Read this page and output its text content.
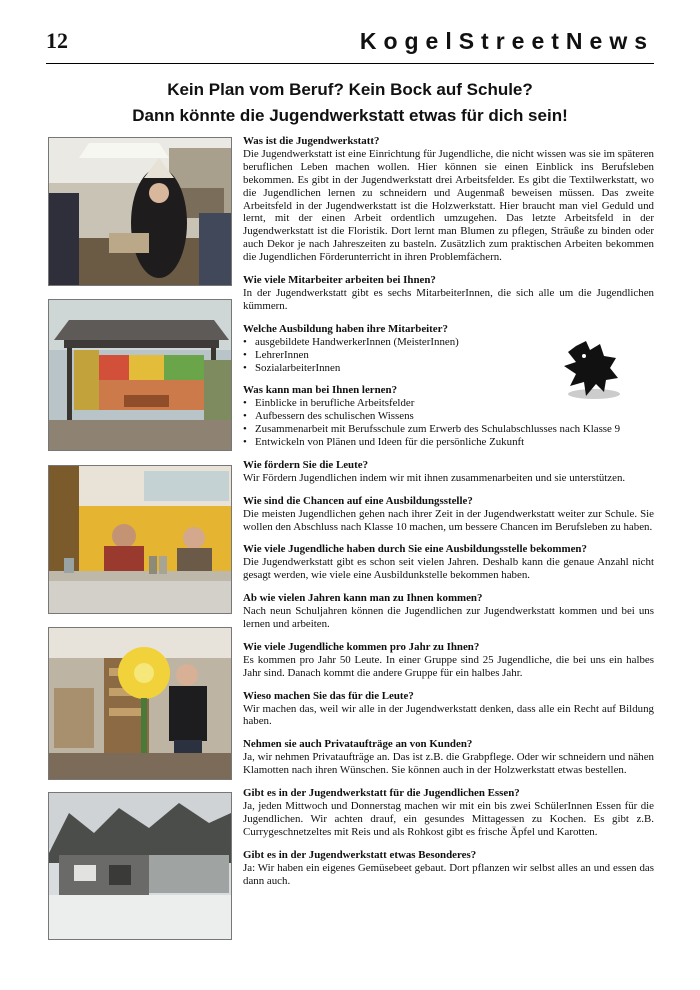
12	KogelStreetNews
Kein Plan vom Beruf? Kein Bock auf Schule?
Dann könnte die Jugendwerkstatt etwas für dich sein!

Was ist die Jugendwerkstatt?

Die Jugendwerkstatt ist eine Einrichtung für Jugendliche, die nicht wissen was sie im späteren beruflichen Leben machen wollen. Hier können sie einen Einblick ins Berufsleben bekommen. Es gibt in der Jugendwerkstatt drei Arbeitsfelder. Es gibt die Textilwerkstatt, wo die Jugendlichen lernen zu schneidern und Augenmaß beweisen müssen. Das zweite Arbeitsfeld in der Jugendwerkstatt ist die Holzwerkstatt. Hier braucht man viel Geduld und lernt, mit der einen Arbeit ordentlich umzugehen. Das letzte Arbeitsfeld in der Jugendwerkstatt ist die Floristik. Dort lernt man Blumen zu pflegen, Sträuße zu binden oder auch Dekor je nach Jahreszeiten zu basteln. Zusätzlich zum praktischen Arbeiten bekommen die Jugendlichen Förderunterricht in ihren Problemfächern.

Wie viele Mitarbeiter arbeiten bei Ihnen?

In der Jugendwerkstatt gibt es sechs MitarbeiterInnen, die sich alle um die Jugendlichen kümmern.

Welche Ausbildung haben ihre Mitarbeiter?

• ausgebildete HandwerkerInnen (MeisterInnen)
• LehrerInnen
• SozialarbeiterInnen

Was kann man bei Ihnen lernen?

• Einblicke in berufliche Arbeitsfelder
• Aufbessern des schulischen Wissens
• Zusammenarbeit mit Berufsschule zum Erwerb des Schulabschlusses nach Klasse 9
• Entwickeln von Plänen und Ideen für die persönliche Zukunft

Wie fördern Sie die Leute?

Wir Fördern Jugendlichen indem wir mit ihnen zusammenarbeiten und sie unterstützen.

Wie sind die Chancen auf eine Ausbildungsstelle?

Die meisten Jugendlichen gehen nach ihrer Zeit in der Jugendwerkstatt weiter zur Schule. Sie wollen den Abschluss nach Klasse 10 machen, um bessere Chancen im Berufsleben zu haben.

Wie viele Jugendliche haben durch Sie eine Ausbildungsstelle bekommen?

Die Jugendwerkstatt gibt es schon seit vielen Jahren. Deshalb kann die genaue Anzahl nicht gesagt werden, wie viele eine Ausbildunkstelle bekommen haben.

Ab wie vielen Jahren kann man zu Ihnen kommen?

Nach neun Schuljahren können die Jugendlichen zur Jugendwerkstatt kommen und bei uns lernen und arbeiten.

Wie viele Jugendliche kommen pro Jahr zu Ihnen?

Es kommen pro Jahr 50 Leute. In einer Gruppe sind 25 Jugendliche, die bei uns ein halbes Jahr sind. Danach kommt die andere Gruppe für ein halbes Jahr.

Wieso machen Sie das für die Leute?

Wir machen das, weil wir alle in der Jugendwerkstatt denken, dass alle ein Recht auf Bildung haben.

Nehmen sie auch Privataufträge an von Kunden?

Ja, wir nehmen Privataufträge an. Das ist z.B. die Grabpflege. Oder wir schneidern und nähen Klamotten nach ihren Wünschen. Sie können auch in der Holzwerkstatt etwas bestellen.

Gibt es in der Jugendwerkstatt für die Jugendlichen Essen?

Ja, jeden Mittwoch und Donnerstag machen wir mit ein bis zwei SchülerInnen Essen für die Jugendlichen. Wir achten drauf, ein gesundes Mittagessen zu Kochen. Es gibt z.B. Currygeschnetzeltes mit Reis und als Rohkost gibt es frische Äpfel und Karotten.

Gibt es in der Jugendwerkstatt etwas Besonderes?

Ja: Wir haben ein eigenes Gemüsebeet gebaut. Dort pflanzen wir selbst alles an und essen das dann auch.
